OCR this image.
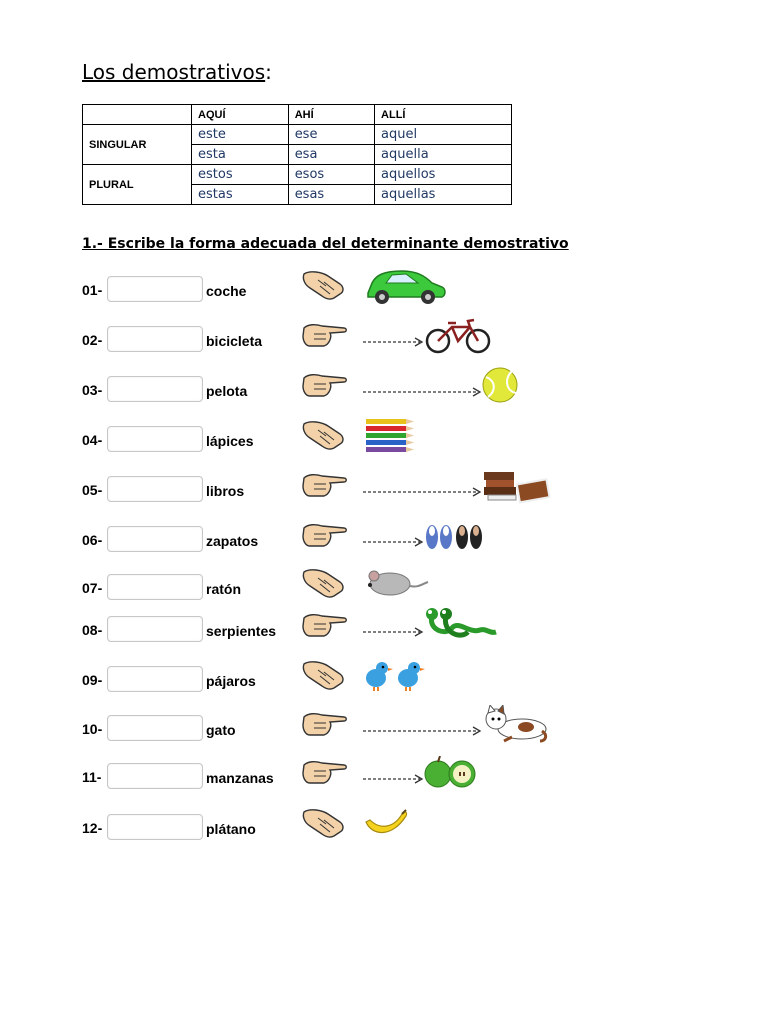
Los demostrativos:
	AQUÍ	AHÍ	ALLÍ
SINGULAR	este	ese	aquel
	esta	esa	aquella
PLURAL	estos	esos	aquellos
	estas	esas	aquellas
1.- Escribe la forma adecuada del determinante demostrativo
01-	coche
02-	bicicleta
03-	pelota
04-	lápices
05-	libros
06-	zapatos
07-	ratón
08-	serpientes
09-	pájaros
10-	gato
11-	manzanas
12-	plátano
